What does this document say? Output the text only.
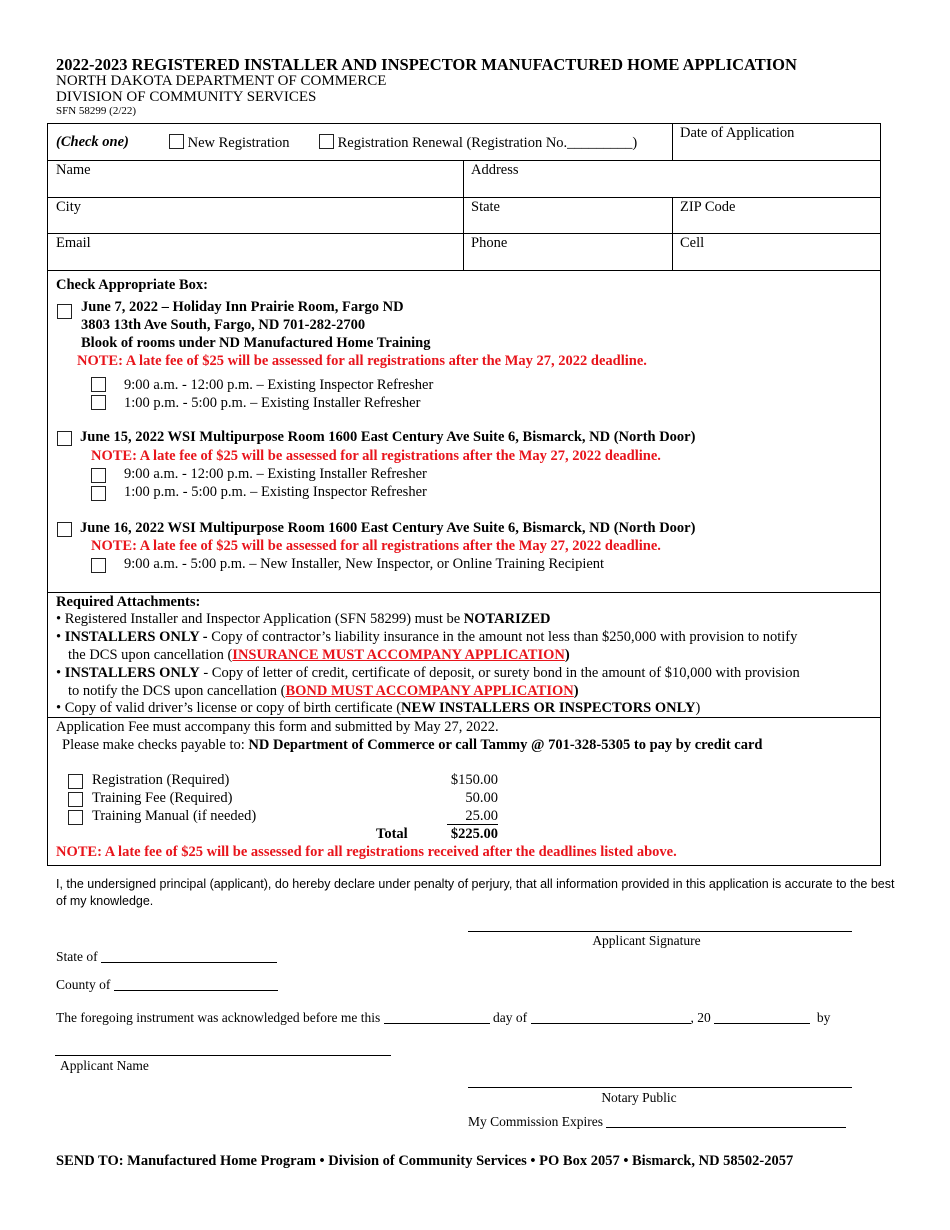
2022-2023 REGISTERED INSTALLER AND INSPECTOR MANUFACTURED HOME APPLICATION
NORTH DAKOTA DEPARTMENT OF COMMERCE
DIVISION OF COMMUNITY SERVICES
SFN 58299 (2/22)
(Check one)	New Registration	Registration Renewal (Registration No._________)
Date of Application
Name	Address
City	State	ZIP Code
Email	Phone	Cell
Check Appropriate Box:
June 7, 2022 – Holiday Inn Prairie Room, Fargo ND
3803 13th Ave South, Fargo, ND 701-282-2700
Blook of rooms under ND Manufactured Home Training
NOTE: A late fee of $25 will be assessed for all registrations after the May 27, 2022 deadline.
9:00 a.m. - 12:00 p.m. – Existing Inspector Refresher
1:00 p.m. - 5:00 p.m. – Existing Installer Refresher
June 15, 2022 WSI Multipurpose Room 1600 East Century Ave Suite 6, Bismarck, ND (North Door)
NOTE: A late fee of $25 will be assessed for all registrations after the May 27, 2022 deadline.
9:00 a.m. - 12:00 p.m. – Existing Installer Refresher
1:00 p.m. - 5:00 p.m. – Existing Inspector Refresher
June 16, 2022 WSI Multipurpose Room 1600 East Century Ave Suite 6, Bismarck, ND (North Door)
NOTE: A late fee of $25 will be assessed for all registrations after the May 27, 2022 deadline.
9:00 a.m. - 5:00 p.m. – New Installer, New Inspector, or Online Training Recipient
Required Attachments:
• Registered Installer and Inspector Application (SFN 58299) must be NOTARIZED
• INSTALLERS ONLY - Copy of contractor’s liability insurance in the amount not less than $250,000 with provision to notify
the DCS upon cancellation (INSURANCE MUST ACCOMPANY APPLICATION)
• INSTALLERS ONLY - Copy of letter of credit, certificate of deposit, or surety bond in the amount of $10,000 with provision
to notify the DCS upon cancellation (BOND MUST ACCOMPANY APPLICATION)
• Copy of valid driver’s license or copy of birth certificate (NEW INSTALLERS OR INSPECTORS ONLY)
Application Fee must accompany this form and submitted by May 27, 2022.
Please make checks payable to: ND Department of Commerce or call Tammy @ 701-328-5305 to pay by credit card
Registration (Required)	$150.00
Training Fee (Required)	50.00
Training Manual (if needed)	25.00
Total	$225.00
NOTE: A late fee of $25 will be assessed for all registrations received after the deadlines listed above.
I, the undersigned principal (applicant), do hereby declare under penalty of perjury, that all information provided in this application is accurate to the best of my knowledge.
Applicant Signature
State of
County of
The foregoing instrument was acknowledged before me this	day of	, 20	by
Applicant Name
Notary Public
My Commission Expires
SEND TO: Manufactured Home Program • Division of Community Services • PO Box 2057 • Bismarck, ND 58502-2057
